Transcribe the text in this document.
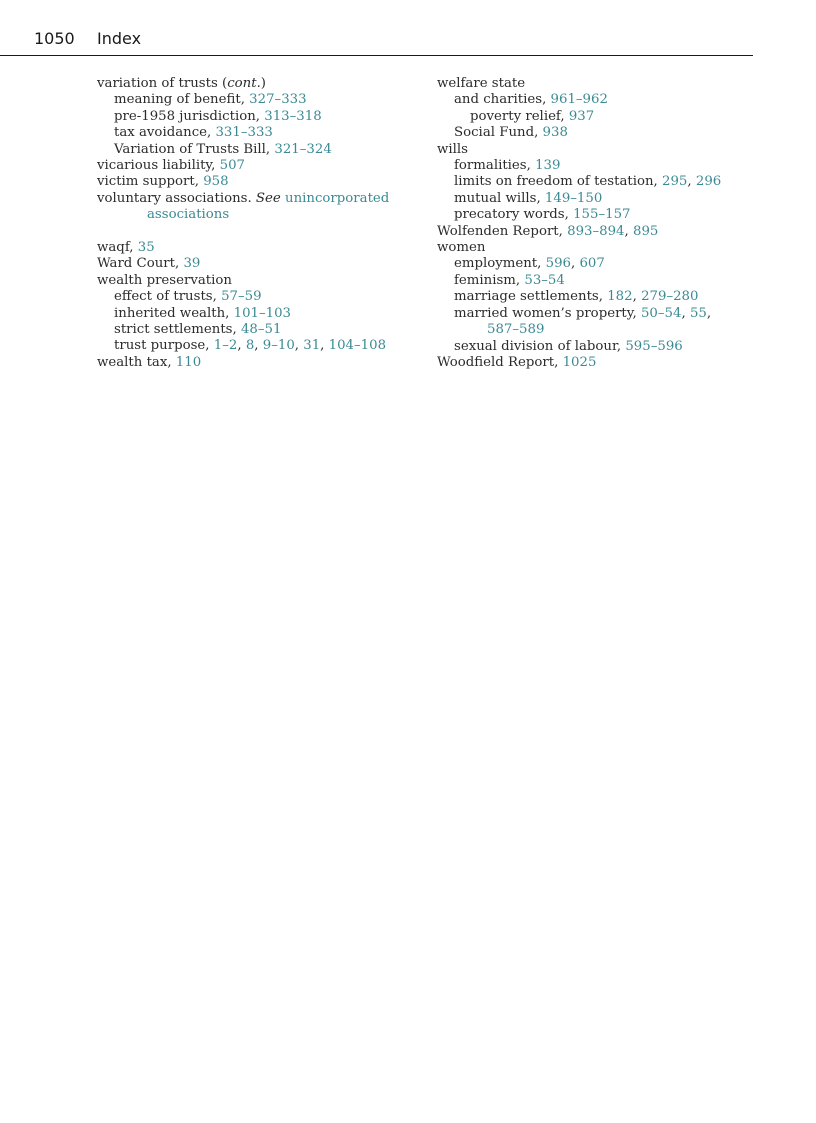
1050 Index
variation of trusts (cont.)
meaning of benefit, 327–333
pre-1958 jurisdiction, 313–318
tax avoidance, 331–333
Variation of Trusts Bill, 321–324
vicarious liability, 507
victim support, 958
voluntary associations. See unincorporated
associations
waqf, 35
Ward Court, 39
wealth preservation
effect of trusts, 57–59
inherited wealth, 101–103
strict settlements, 48–51
trust purpose, 1–2, 8, 9–10, 31, 104–108
wealth tax, 110
welfare state
and charities, 961–962
poverty relief, 937
Social Fund, 938
wills
formalities, 139
limits on freedom of testation, 295, 296
mutual wills, 149–150
precatory words, 155–157
Wolfenden Report, 893–894, 895
women
employment, 596, 607
feminism, 53–54
marriage settlements, 182, 279–280
married women’s property, 50–54, 55,
587–589
sexual division of labour, 595–596
Woodfield Report, 1025
